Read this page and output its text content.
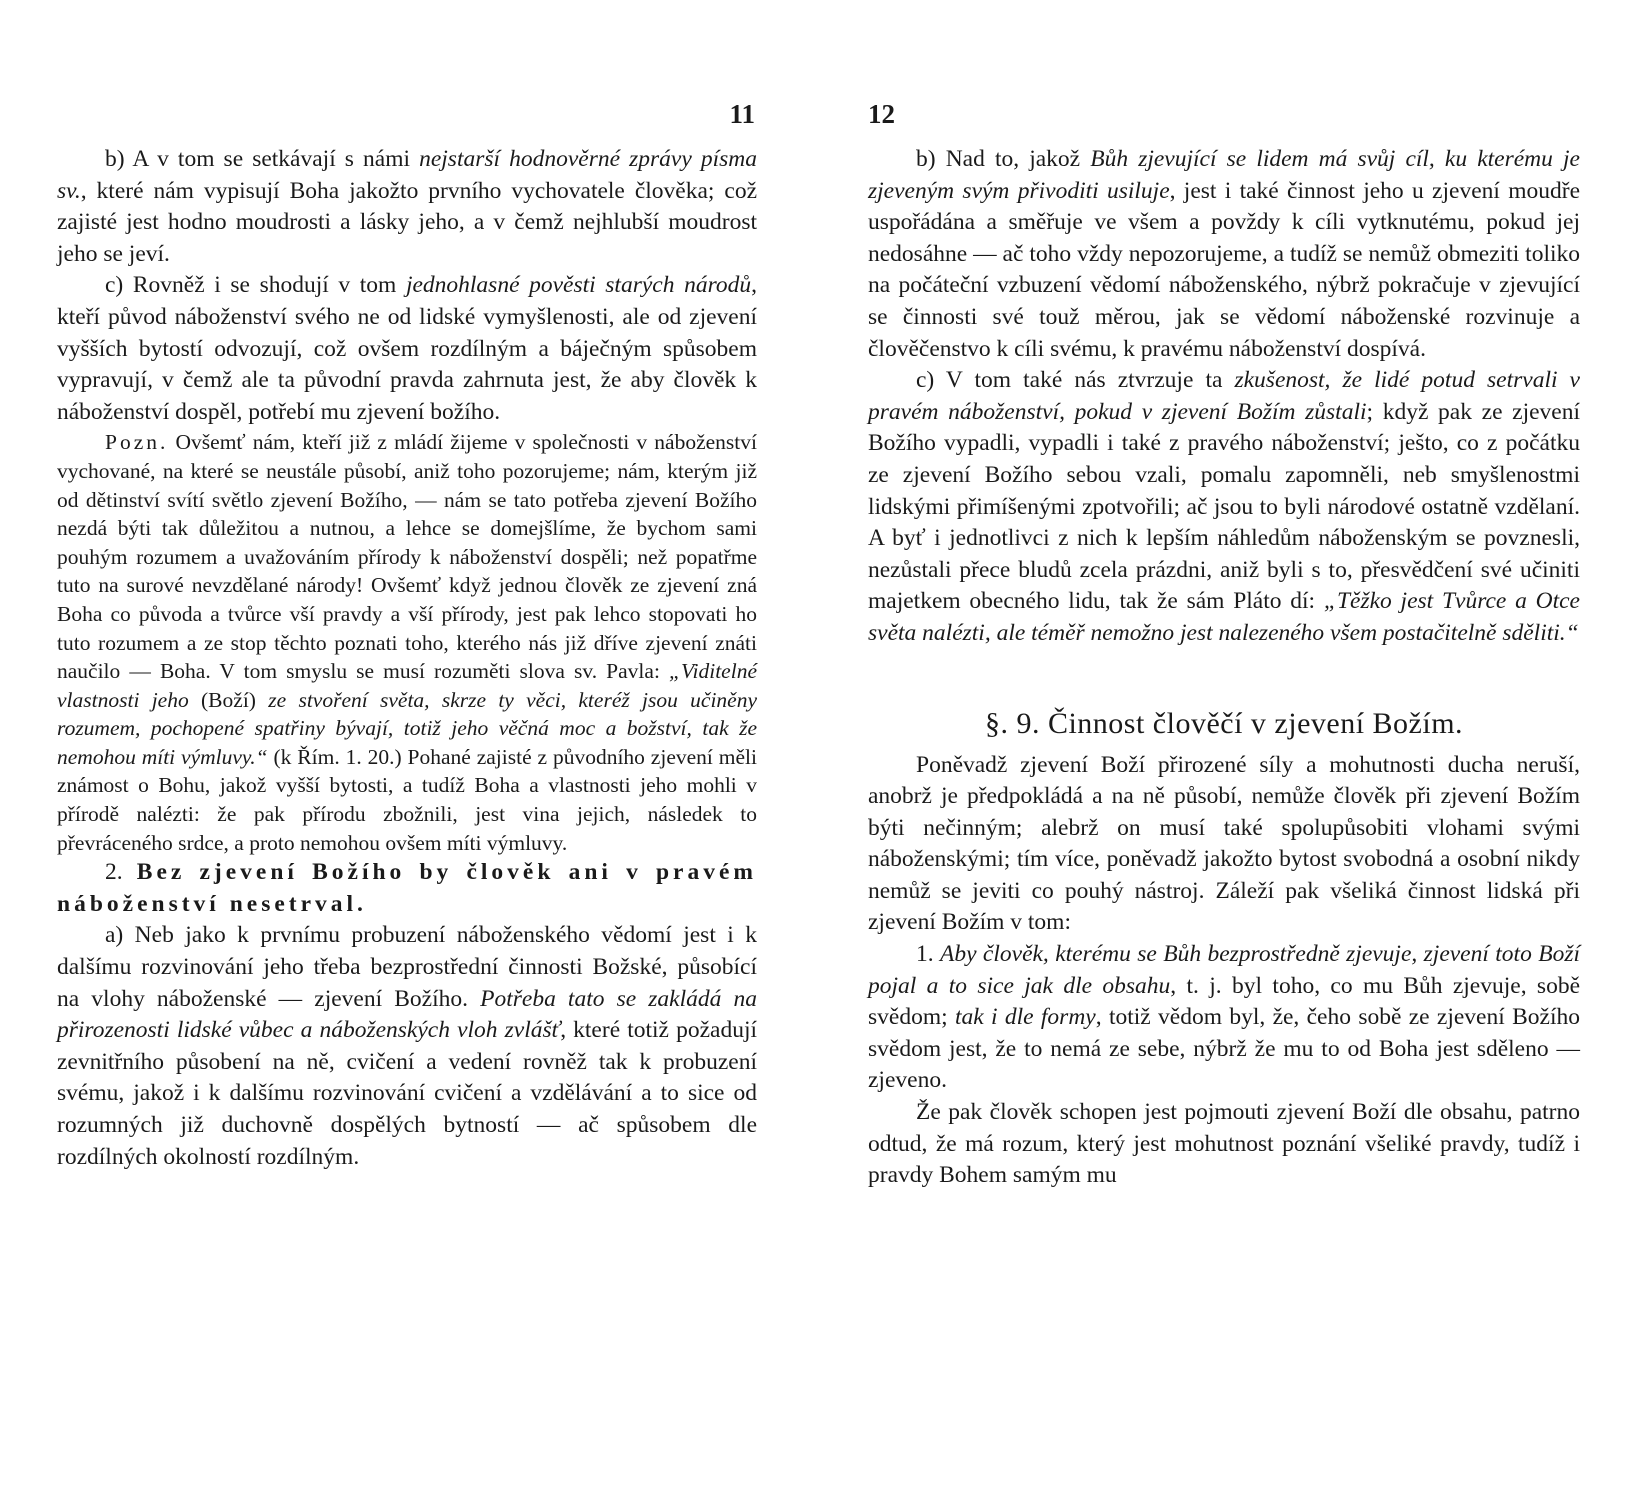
11

b) A v tom se setkávají s námi nejstarší hodnověrné zprávy písma sv., které nám vypisují Boha jakožto prvního vychovatele člověka; což zajisté jest hodno moudrosti a lásky jeho, a v čemž nejhlubší moudrost jeho se jeví.

c) Rovněž i se shodují v tom jednohlasné pověsti starých národů, kteří původ náboženství svého ne od lidské vymyšlenosti, ale od zjevení vyšších bytostí odvozují, což ovšem rozdílným a báječným spůsobem vypravují, v čemž ale ta původní pravda zahrnuta jest, že aby člověk k náboženství dospěl, potřebí mu zjevení božího.

Pozn. Ovšemť nám, kteří již z mládí žijeme v společnosti v náboženství vychované, na které se neustále působí, aniž toho pozorujeme; nám, kterým již od dětinství svítí světlo zjevení Božího, — nám se tato potřeba zjevení Božího nezdá býti tak důležitou a nutnou, a lehce se domejšlíme, že bychom sami pouhým rozumem a uvažováním přírody k náboženství dospěli; než popatřme tuto na surové nevzdělané národy! Ovšemť když jednou člověk ze zjevení zná Boha co původa a tvůrce vší pravdy a vší přírody, jest pak lehco stopovati ho tuto rozumem a ze stop těchto poznati toho, kterého nás již dříve zjevení znáti naučilo — Boha. V tom smyslu se musí rozuměti slova sv. Pavla: „Viditelné vlastnosti jeho (Boží) ze stvoření světa, skrze ty věci, kteréž jsou učiněny rozumem, pochopené spatřiny bývají, totiž jeho věčná moc a božství, tak že nemohou míti výmluvy.“ (k Řím. 1. 20.) Pohané zajisté z původního zjevení měli známost o Bohu, jakož vyšší bytosti, a tudíž Boha a vlastnosti jeho mohli v přírodě nalézti: že pak přírodu zbožnili, jest vina jejich, následek to převráceného srdce, a proto nemohou ovšem míti výmluvy.

2. Bez zjevení Božího by člověk ani v pravém náboženství nesetrval.

a) Neb jako k prvnímu probuzení náboženského vědomí jest i k dalšímu rozvinování jeho třeba bezprostřední činnosti Božské, působící na vlohy náboženské — zjevení Božího. Potřeba tato se zakládá na přirozenosti lidské vůbec a náboženských vloh zvlášť, které totiž požadují zevnitřního působení na ně, cvičení a vedení rovněž tak k probuzení svému, jakož i k dalšímu rozvinování cvičení a vzdělávání a to sice od rozumných již duchovně dospělých bytností — ač spůsobem dle rozdílných okolností rozdílným.

12

b) Nad to, jakož Bůh zjevující se lidem má svůj cíl, ku kterému je zjeveným svým přivoditi usiluje, jest i také činnost jeho u zjevení moudře uspořádána a směřuje ve všem a povždy k cíli vytknutému, pokud jej nedosáhne — ač toho vždy nepozorujeme, a tudíž se nemůž obmeziti toliko na počáteční vzbuzení vědomí náboženského, nýbrž pokračuje v zjevující se činnosti své touž měrou, jak se vědomí náboženské rozvinuje a člověčenstvo k cíli svému, k pravému náboženství dospívá.

c) V tom také nás ztvrzuje ta zkušenost, že lidé potud setrvali v pravém náboženství, pokud v zjevení Božím zůstali; když pak ze zjevení Božího vypadli, vypadli i také z pravého náboženství; ješto, co z počátku ze zjevení Božího sebou vzali, pomalu zapomněli, neb smyšlenostmi lidskými přimíšenými zpotvořili; ač jsou to byli národové ostatně vzdělaní. A byť i jednotlivci z nich k lepším náhledům náboženským se povznesli, nezůstali přece bludů zcela prázdni, aniž byli s to, přesvědčení své učiniti majetkem obecného lidu, tak že sám Pláto dí: „Těžko jest Tvůrce a Otce světa nalézti, ale téměř nemožno jest nalezeného všem postačitelně sděliti.“

§. 9. Činnost člověčí v zjevení Božím.

Poněvadž zjevení Boží přirozené síly a mohutnosti ducha neruší, anobrž je předpokládá a na ně působí, nemůže člověk při zjevení Božím býti nečinným; alebrž on musí také spolupůsobiti vlohami svými náboženskými; tím více, poněvadž jakožto bytost svobodná a osobní nikdy nemůž se jeviti co pouhý nástroj. Záleží pak všeliká činnost lidská při zjevení Božím v tom:

1. Aby člověk, kterému se Bůh bezprostředně zjevuje, zjevení toto Boží pojal a to sice jak dle obsahu, t. j. byl toho, co mu Bůh zjevuje, sobě svědom; tak i dle formy, totiž vědom byl, že, čeho sobě ze zjevení Božího svědom jest, že to nemá ze sebe, nýbrž že mu to od Boha jest sděleno — zjeveno.

Že pak člověk schopen jest pojmouti zjevení Boží dle obsahu, patrno odtud, že má rozum, který jest mohutnost poznání všeliké pravdy, tudíž i pravdy Bohem samým mu
